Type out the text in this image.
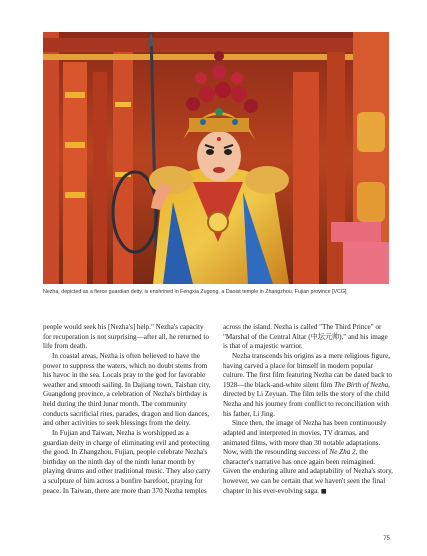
Nezha, depicted as a fierce guardian deity, is enshrined in Fengxia Zugong, a Daoist temple in Zhangzhou, Fujian province [VCG]

people would seek his [Nezha's] help." Nezha's capacity for recuperation is not surprising—after all, he returned to life from death.

In coastal areas, Nezha is often believed to have the power to suppress the waters, which no doubt stems from his havoc in the sea. Locals pray to the god for favorable weather and smooth sailing. In Dajiang town, Taishan city, Guangdong province, a celebration of Nezha's birthday is held during the third lunar month. The community conducts sacrificial rites, parades, dragon and lion dances, and other activities to seek blessings from the deity.

In Fujian and Taiwan, Nezha is worshipped as a guardian deity in charge of eliminating evil and protecting the good. In Zhangzhou, Fujian, people celebrate Nezha's birthday on the ninth day of the ninth lunar month by playing drums and other traditional music. They also carry a sculpture of him across a bonfire barefoot, praying for peace. In Taiwan, there are more than 370 Nezha temples

across the island. Nezha is called "The Third Prince" or "Marshal of the Central Altar (中坛元帅)," and his image is that of a majestic warrior.

Nezha transcends his origins as a mere religious figure, having carved a place for himself in modern popular culture. The first film featuring Nezha can be dated back to 1928—the black-and-white silent film The Birth of Nezha, directed by Li Zeyuan. The film tells the story of the child Nezha and his journey from conflict to reconciliation with his father, Li Jing.

Since then, the image of Nezha has been continuously adapted and interpreted in movies, TV dramas, and animated films, with more than 30 notable adaptations. Now, with the resounding success of Ne Zha 2, the character's narrative has once again been reimagined. Given the enduring allure and adaptability of Nezha's story, however, we can be certain that we haven't seen the final chapter in his ever-evolving saga. ■

75
